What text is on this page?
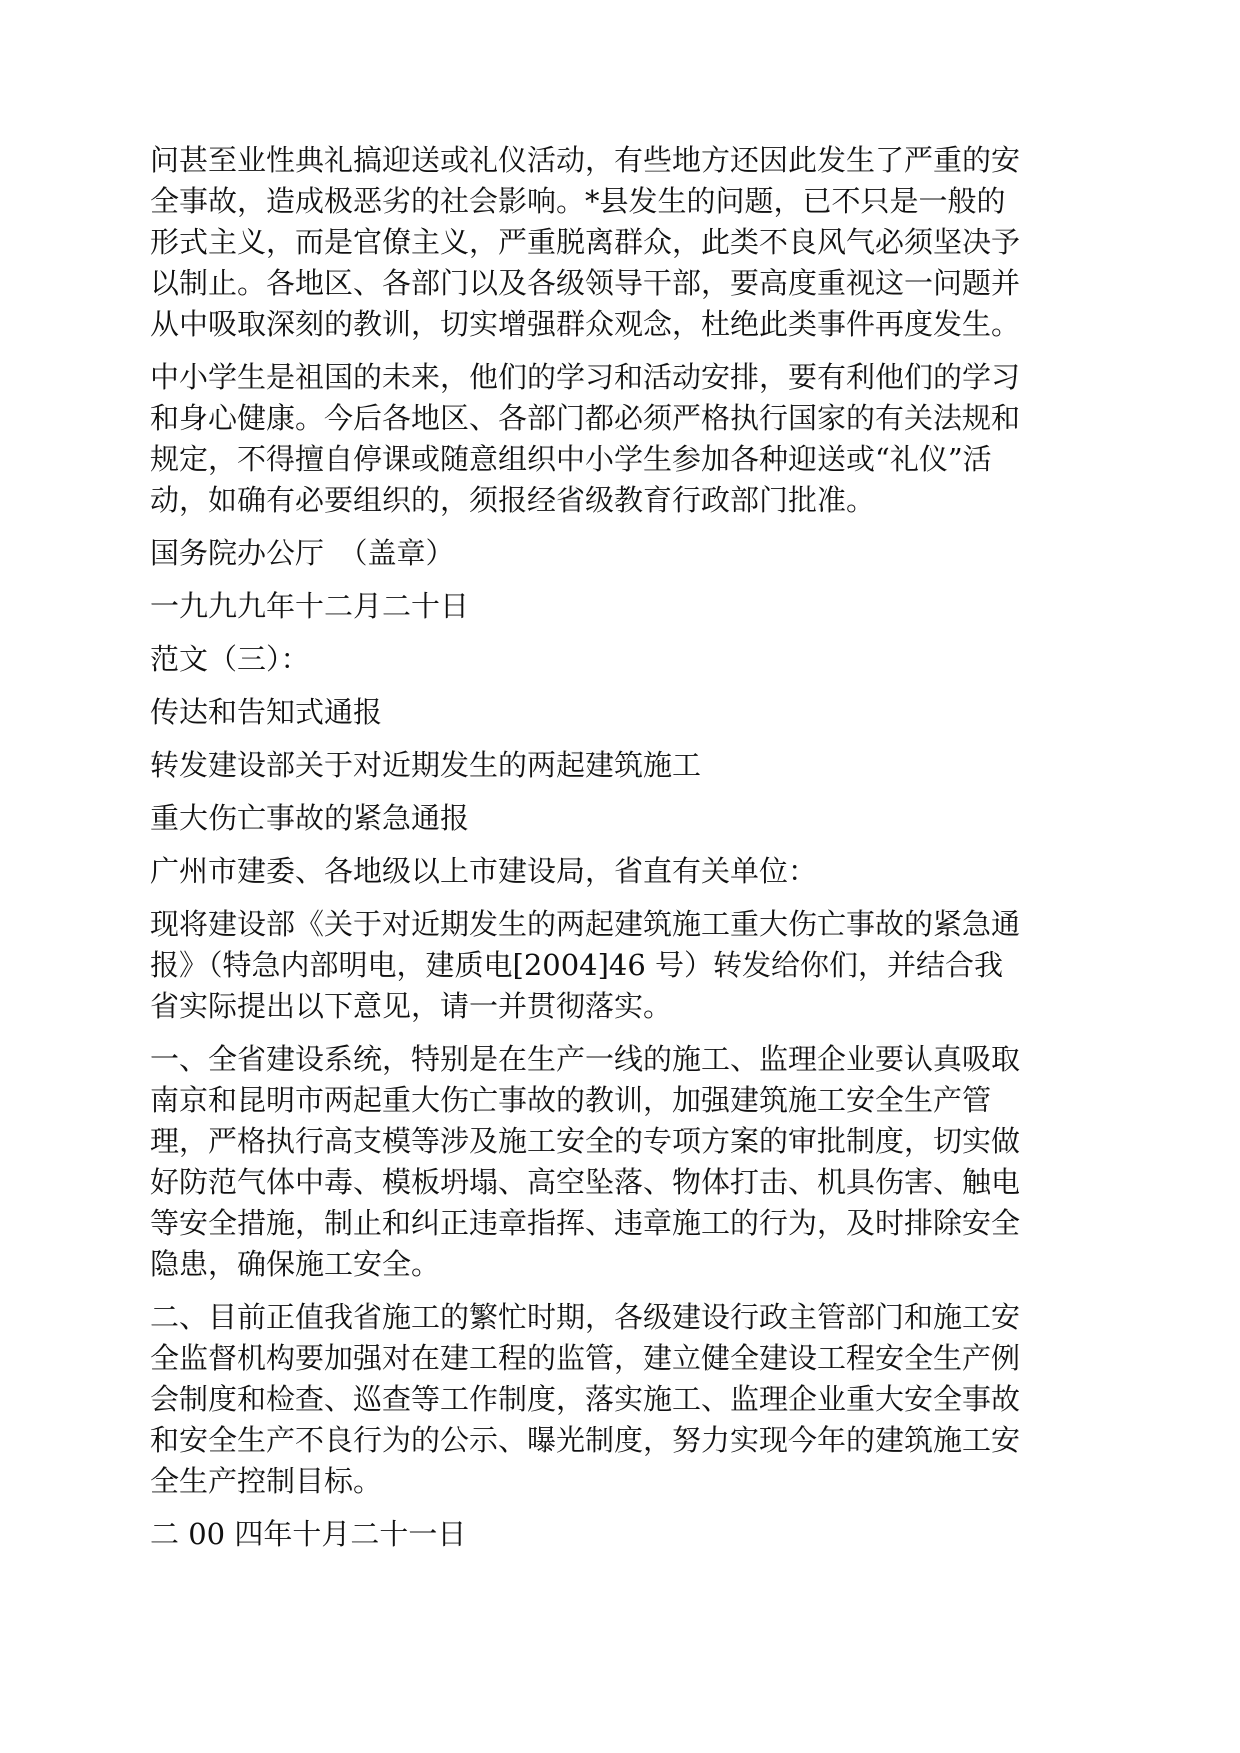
问甚至业性典礼搞迎送或礼仪活动，有些地方还因此发生了严重的安
全事故，造成极恶劣的社会影响。*县发生的问题，已不只是一般的
形式主义，而是官僚主义，严重脱离群众，此类不良风气必须坚决予
以制止。各地区、各部门以及各级领导干部，要高度重视这一问题并
从中吸取深刻的教训，切实增强群众观念，杜绝此类事件再度发生。
中小学生是祖国的未来，他们的学习和活动安排，要有利他们的学习
和身心健康。今后各地区、各部门都必须严格执行国家的有关法规和
规定，不得擅自停课或随意组织中小学生参加各种迎送或“礼仪”活
动，如确有必要组织的，须报经省级教育行政部门批准。
国务院办公厅　（盖章）
一九九九年十二月二十日
范文（三）：
传达和告知式通报
转发建设部关于对近期发生的两起建筑施工
重大伤亡事故的紧急通报
广州市建委、各地级以上市建设局，省直有关单位：
现将建设部《关于对近期发生的两起建筑施工重大伤亡事故的紧急通
报》（特急内部明电，建质电[2004]46 号）转发给你们，并结合我
省实际提出以下意见，请一并贯彻落实。
一、全省建设系统，特别是在生产一线的施工、监理企业要认真吸取
南京和昆明市两起重大伤亡事故的教训，加强建筑施工安全生产管
理，严格执行高支模等涉及施工安全的专项方案的审批制度，切实做
好防范气体中毒、模板坍塌、高空坠落、物体打击、机具伤害、触电
等安全措施，制止和纠正违章指挥、违章施工的行为，及时排除安全
隐患，确保施工安全。
二、目前正值我省施工的繁忙时期，各级建设行政主管部门和施工安
全监督机构要加强对在建工程的监管，建立健全建设工程安全生产例
会制度和检查、巡查等工作制度，落实施工、监理企业重大安全事故
和安全生产不良行为的公示、曝光制度，努力实现今年的建筑施工安
全生产控制目标。
二 00 四年十月二十一日
